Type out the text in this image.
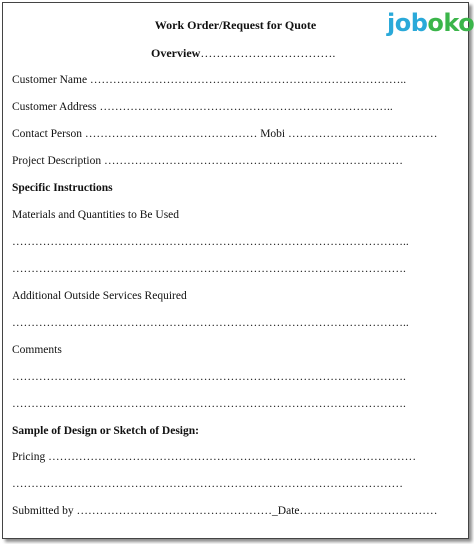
Work Order/Request for Quote	joboko
Overview…………………………….
Customer Name ………………………………………………………………………..
Customer Address …………………………………………………………………..
Contact Person ……………………………………… Mobi …………………………………
Project Description ……………………………………………………………………
Specific Instructions
Materials and Quantities to Be Used
…………………………………………………………………………………………..
………………………………………………………………………………………….
Additional Outside Services Required
…………………………………………………………………………………………..
Comments
………………………………………………………………………………………….
………………………………………………………………………………………….
Sample of Design or Sketch of Design:
Pricing ……………………………………………………………………………………
…………………………………………………………………………………………
Submitted by ……………………………………………_Date………………………………
